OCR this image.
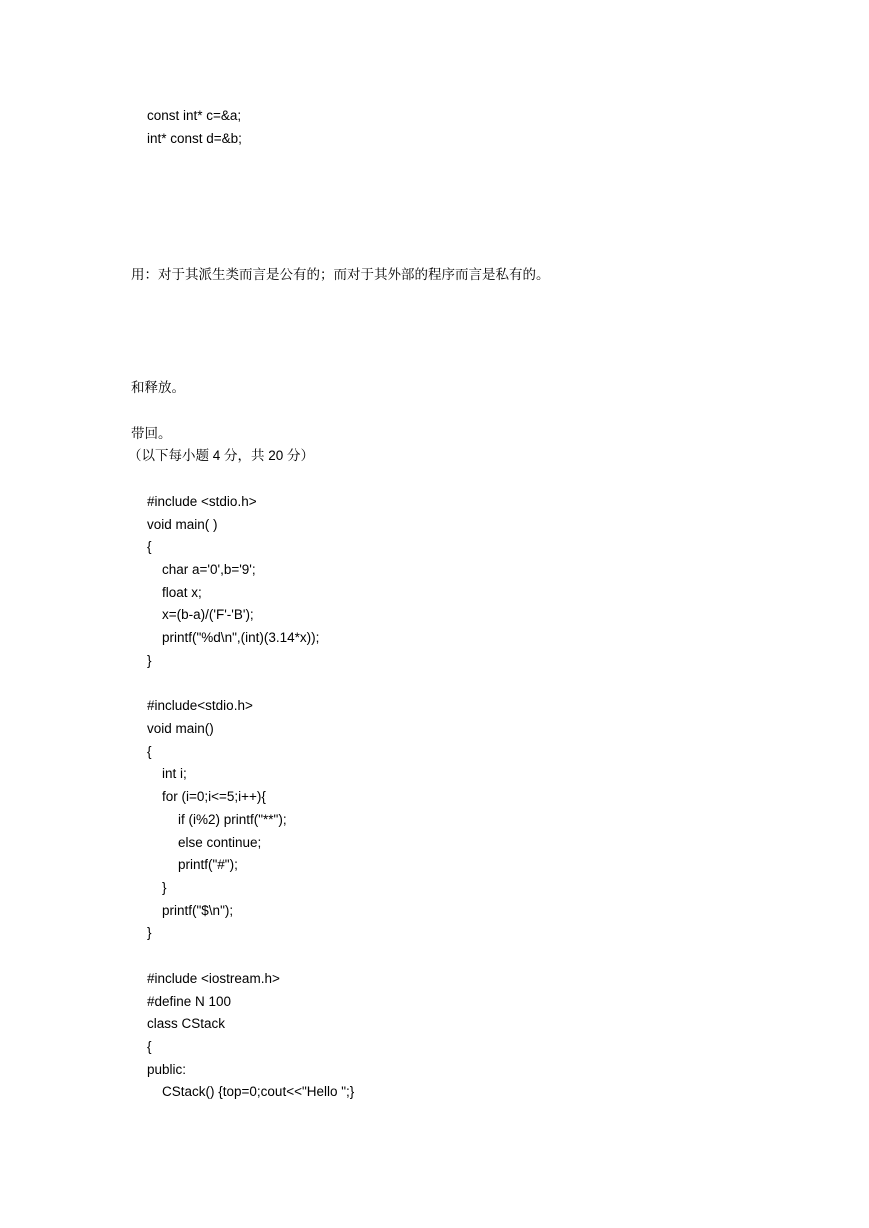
const int* c=&a;
int* const d=&b;

用：对于其派生类而言是公有的；而对于其外部的程序而言是私有的。

和释放。

带回。
（以下每小题 4 分，共 20 分）

#include <stdio.h>
void main( )
{
char a='0',b='9';
float x;
x=(b-a)/('F'-'B');
printf("%d\n",(int)(3.14*x));
}

#include<stdio.h>
void main()
{
int i;
for (i=0;i<=5;i++){
if (i%2) printf("**");
else continue;
printf("#");
}
printf("$\n");
}

#include <iostream.h>
#define N 100
class CStack
{
public:
CStack() {top=0;cout<<"Hello ";}
